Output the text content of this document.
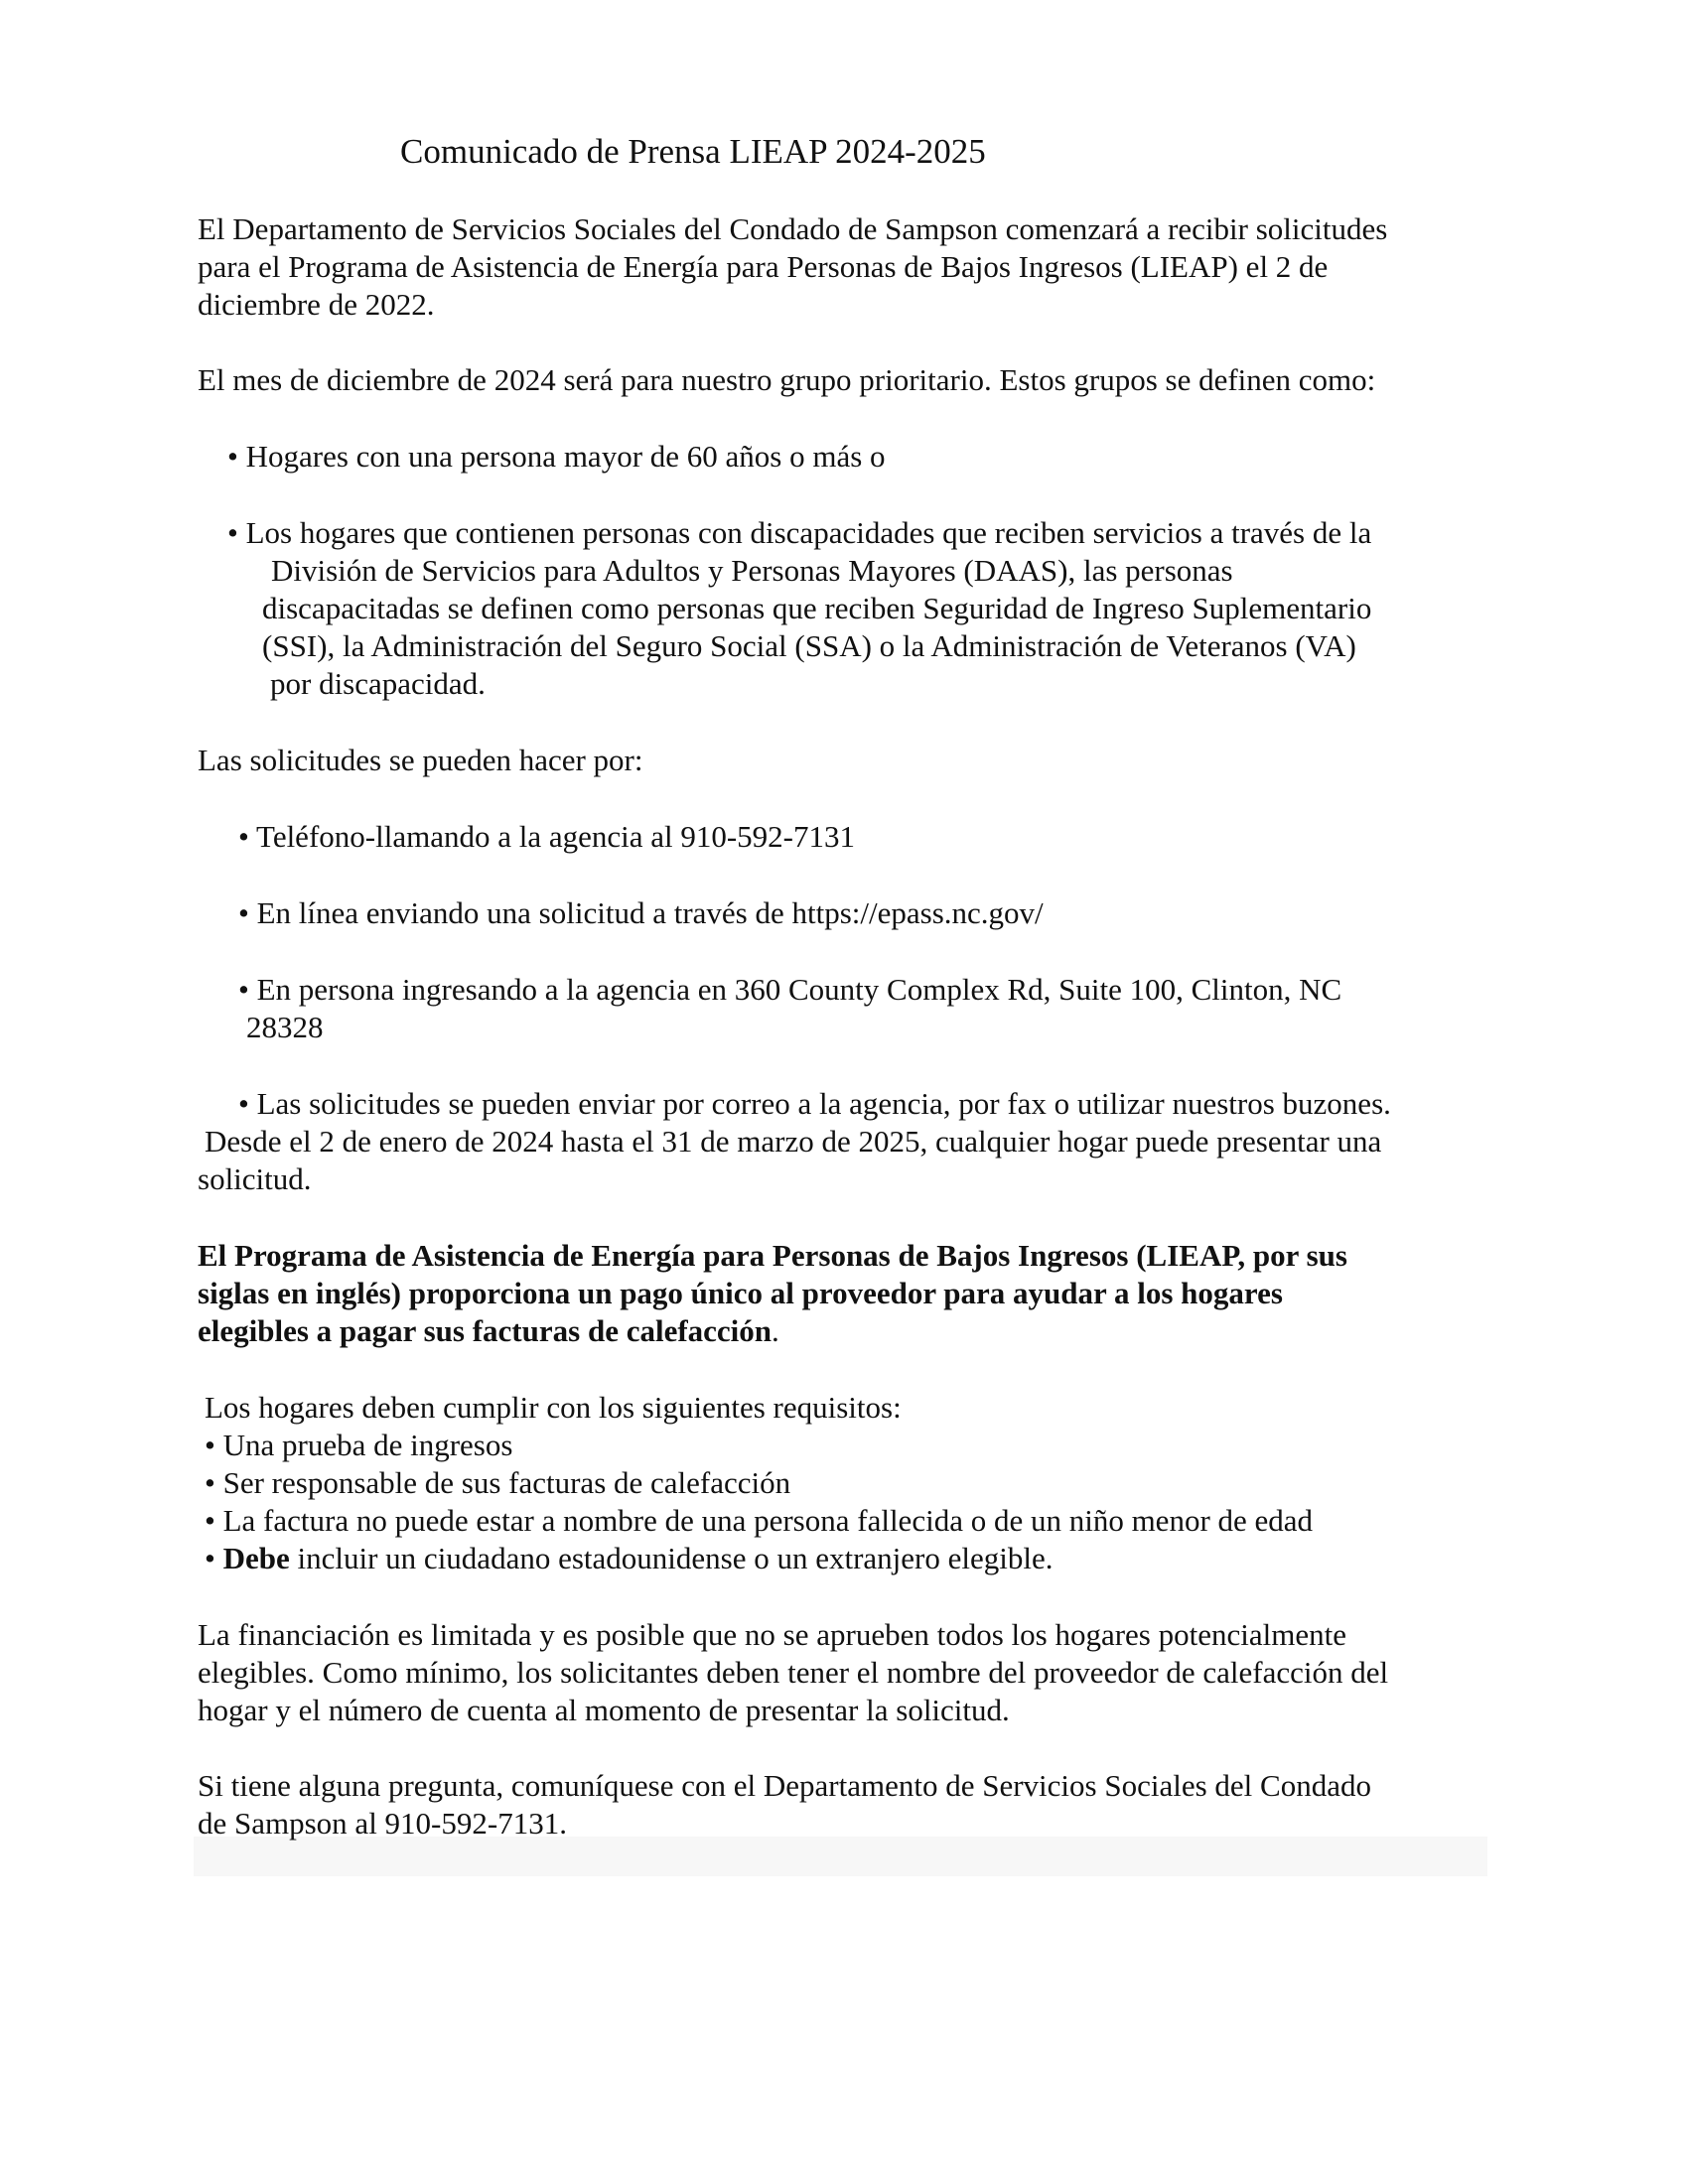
Comunicado de Prensa LIEAP 2024-2025

El Departamento de Servicios Sociales del Condado de Sampson comenzará a recibir solicitudes

para el Programa de Asistencia de Energía para Personas de Bajos Ingresos (LIEAP) el 2 de

diciembre de 2022.

El mes de diciembre de 2024 será para nuestro grupo prioritario. Estos grupos se definen como:

• Hogares con una persona mayor de 60 años o más o

• Los hogares que contienen personas con discapacidades que reciben servicios a través de la

División de Servicios para Adultos y Personas Mayores (DAAS), las personas

discapacitadas se definen como personas que reciben Seguridad de Ingreso Suplementario

(SSI), la Administración del Seguro Social (SSA) o la Administración de Veteranos (VA)

por discapacidad.

Las solicitudes se pueden hacer por:

• Teléfono-llamando a la agencia al 910-592-7131

• En línea enviando una solicitud a través de https://epass.nc.gov/

• En persona ingresando a la agencia en 360 County Complex Rd, Suite 100, Clinton, NC

28328

• Las solicitudes se pueden enviar por correo a la agencia, por fax o utilizar nuestros buzones.

Desde el 2 de enero de 2024 hasta el 31 de marzo de 2025, cualquier hogar puede presentar una

solicitud.

El Programa de Asistencia de Energía para Personas de Bajos Ingresos (LIEAP, por sus

siglas en inglés) proporciona un pago único al proveedor para ayudar a los hogares

elegibles a pagar sus facturas de calefacción.

Los hogares deben cumplir con los siguientes requisitos:

• Una prueba de ingresos

• Ser responsable de sus facturas de calefacción

• La factura no puede estar a nombre de una persona fallecida o de un niño menor de edad

• Debe incluir un ciudadano estadounidense o un extranjero elegible.

La financiación es limitada y es posible que no se aprueben todos los hogares potencialmente

elegibles. Como mínimo, los solicitantes deben tener el nombre del proveedor de calefacción del

hogar y el número de cuenta al momento de presentar la solicitud.

Si tiene alguna pregunta, comuníquese con el Departamento de Servicios Sociales del Condado

de Sampson al 910-592-7131.
